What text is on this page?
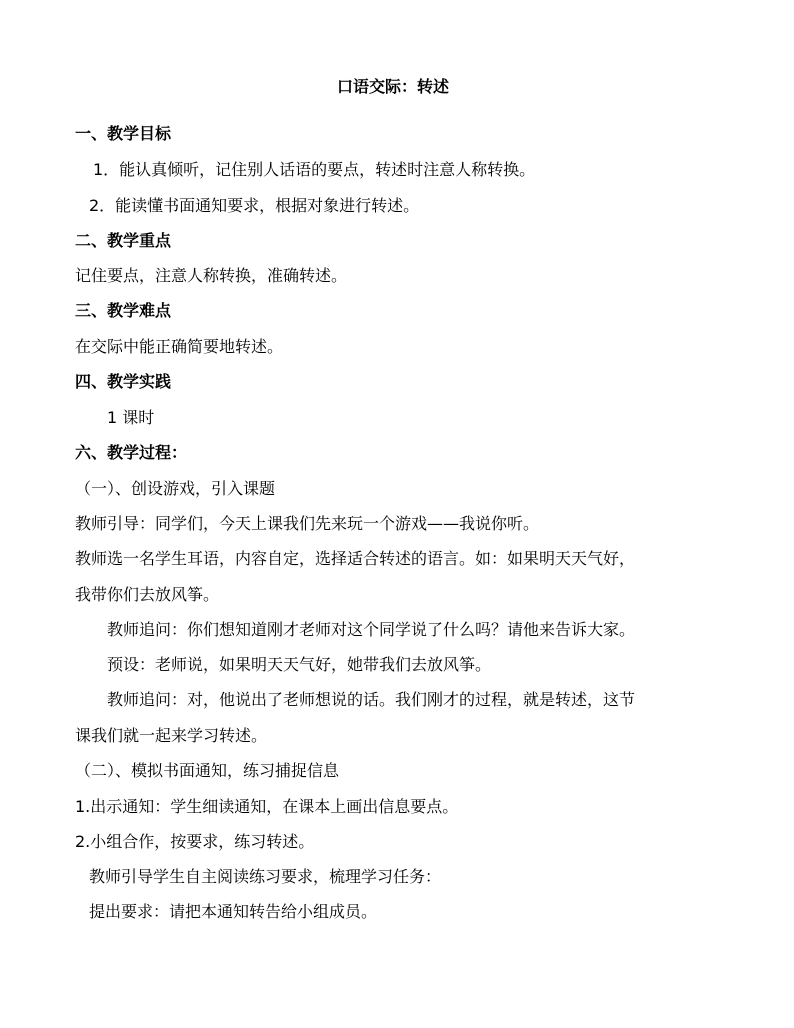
口语交际：转述
一、教学目标
1．能认真倾听，记住别人话语的要点，转述时注意人称转换。
2．能读懂书面通知要求，根据对象进行转述。
二、教学重点
记住要点，注意人称转换，准确转述。
三、教学难点
在交际中能正确简要地转述。
四、教学实践
1 课时
六、教学过程：
（一）、创设游戏，引入课题
教师引导：同学们，今天上课我们先来玩一个游戏——我说你听。
教师选一名学生耳语，内容自定，选择适合转述的语言。如：如果明天天气好，
我带你们去放风筝。
教师追问：你们想知道刚才老师对这个同学说了什么吗？请他来告诉大家。
预设：老师说，如果明天天气好，她带我们去放风筝。
教师追问：对，他说出了老师想说的话。我们刚才的过程，就是转述，这节
课我们就一起来学习转述。
（二）、模拟书面通知，练习捕捉信息
1.出示通知：学生细读通知，在课本上画出信息要点。
2.小组合作，按要求，练习转述。
教师引导学生自主阅读练习要求，梳理学习任务：
提出要求：请把本通知转告给小组成员。
